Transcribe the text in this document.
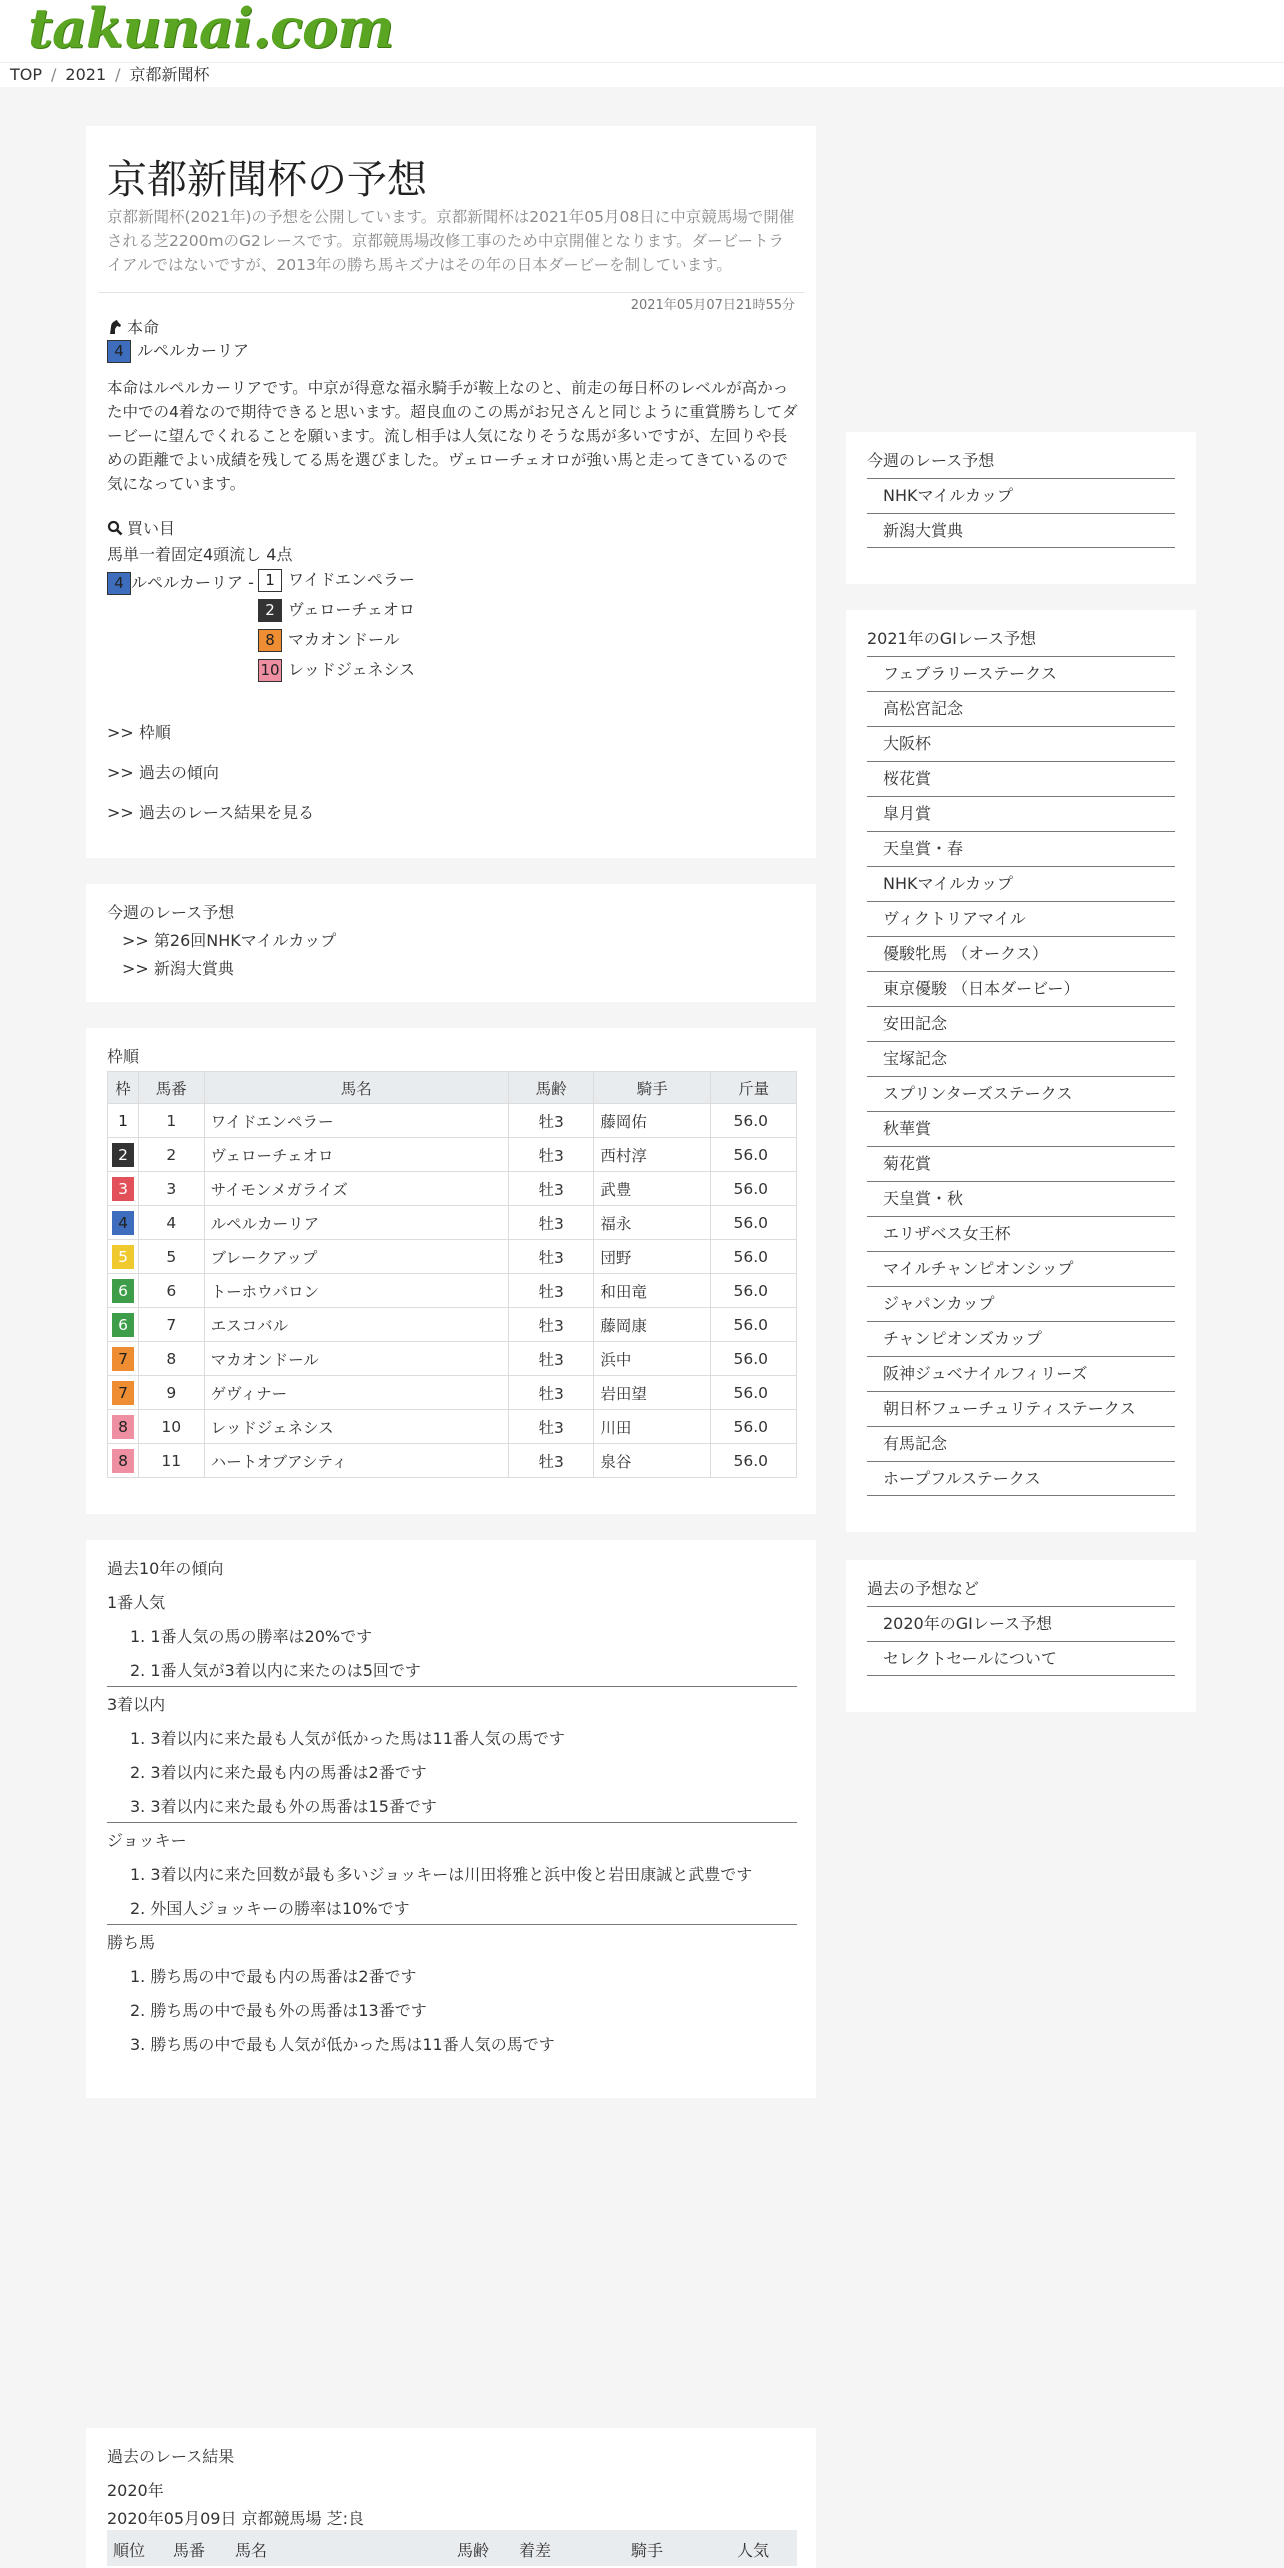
takunai.com
TOP / 2021 / 京都新聞杯
京都新聞杯の予想

京都新聞杯(2021年)の予想を公開しています。京都新聞杯は2021年05月08日に中京競馬場で開催される芝2200mのG2レースです。京都競馬場改修工事のため中京開催となります。ダービートライアルではないですが、2013年の勝ち馬キズナはその年の日本ダービーを制しています。

2021年05月07日21時55分
本命
4 ルペルカーリア

本命はルペルカーリアです。中京が得意な福永騎手が鞍上なのと、前走の毎日杯のレベルが高かった中での4着なので期待できると思います。超良血のこの馬がお兄さんと同じように重賞勝ちしてダービーに望んでくれることを願います。流し相手は人気になりそうな馬が多いですが、左回りや長めの距離でよい成績を残してる馬を選びました。ヴェローチェオロが強い馬と走ってきているので気になっています。

買い目
馬単一着固定4頭流し 4点
4 ルペルカーリア - 1 ワイドエンペラー
2 ヴェローチェオロ
8 マカオンドール
10 レッドジェネシス
>> 枠順
>> 過去の傾向
>> 過去のレース結果を見る
今週のレース予想
>> 第26回NHKマイルカップ
>> 新潟大賞典
枠順
枠	馬番	馬名	馬齢	騎手	斤量
1	1	ワイドエンペラー	牡3	藤岡佑	56.0
2	2	ヴェローチェオロ	牡3	西村淳	56.0
3	3	サイモンメガライズ	牡3	武豊	56.0
4	4	ルペルカーリア	牡3	福永	56.0
5	5	ブレークアップ	牡3	団野	56.0
6	6	トーホウバロン	牡3	和田竜	56.0
6	7	エスコバル	牡3	藤岡康	56.0
7	8	マカオンドール	牡3	浜中	56.0
7	9	ゲヴィナー	牡3	岩田望	56.0
8	10	レッドジェネシス	牡3	川田	56.0
8	11	ハートオブアシティ	牡3	泉谷	56.0
過去10年の傾向
1番人気
1. 1番人気の馬の勝率は20%です
2. 1番人気が3着以内に来たのは5回です
3着以内
1. 3着以内に来た最も人気が低かった馬は11番人気の馬です
2. 3着以内に来た最も内の馬番は2番です
3. 3着以内に来た最も外の馬番は15番です
ジョッキー
1. 3着以内に来た回数が最も多いジョッキーは川田将雅と浜中俊と岩田康誠と武豊です
2. 外国人ジョッキーの勝率は10%です
勝ち馬
1. 勝ち馬の中で最も内の馬番は2番です
2. 勝ち馬の中で最も外の馬番は13番です
3. 勝ち馬の中で最も人気が低かった馬は11番人気の馬です
過去のレース結果
2020年
2020年05月09日 京都競馬場 芝:良
順位 馬番 馬名	馬齢 着差	騎手	人気
今週のレース予想
NHKマイルカップ
新潟大賞典
2021年のGⅠレース予想
フェブラリーステークス
高松宮記念
大阪杯
桜花賞
皐月賞
天皇賞・春
NHKマイルカップ
ヴィクトリアマイル
優駿牝馬 （オークス）
東京優駿 （日本ダービー）
安田記念
宝塚記念
スプリンターズステークス
秋華賞
菊花賞
天皇賞・秋
エリザベス女王杯
マイルチャンピオンシップ
ジャパンカップ
チャンピオンズカップ
阪神ジュベナイルフィリーズ
朝日杯フューチュリティステークス
有馬記念
ホープフルステークス
過去の予想など
2020年のGⅠレース予想
セレクトセールについて
